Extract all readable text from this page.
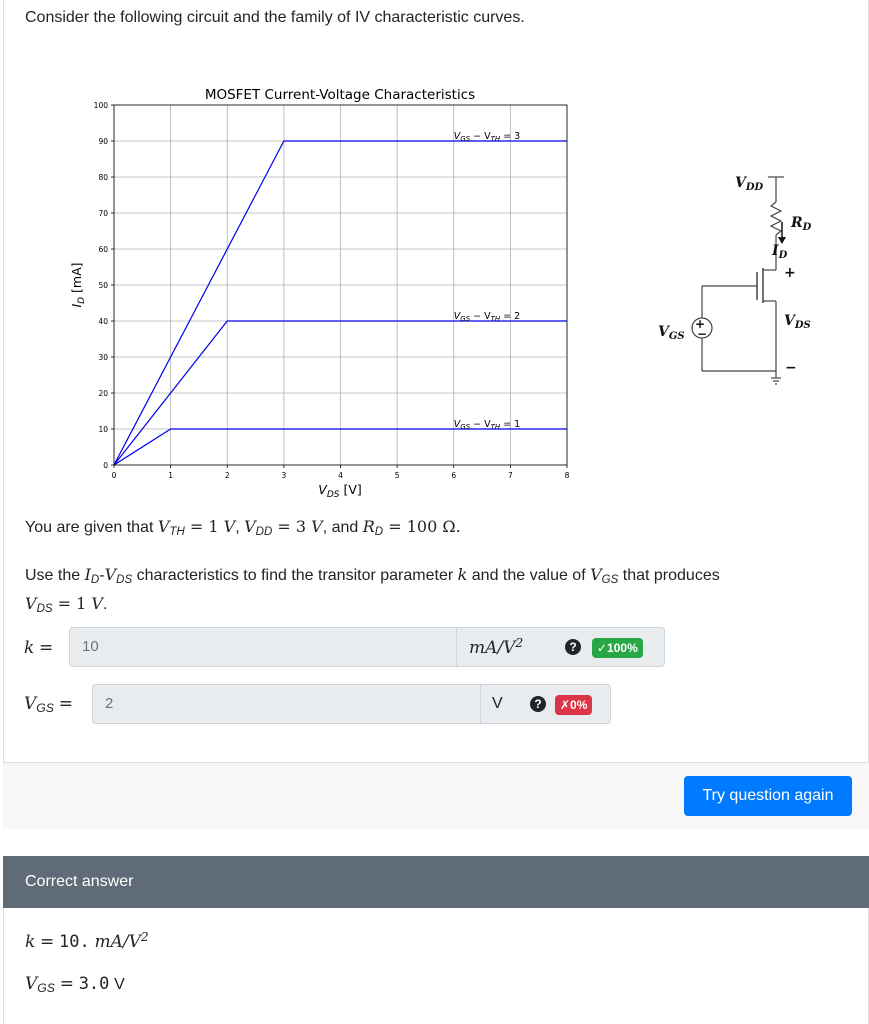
Consider the following circuit and the family of IV characteristic curves.
MOSFET Current-Voltage Characteristics
0	1	2	3	4	5	6	7	8
0
10
20
30
40
50
60
70
80
90
100
$V_{GS} - V_{TH} = 1$
$V_{GS} - V_{TH} = 2$
$V_{GS} - V_{TH} = 3$
$V_{DS}$ [V]
$I_D$ [mA]
+
−
$V_{DD}$
$R_D$
$I_D$
+
$V_{DS}$
−
$V_{GS}$
You are given that $V_{TH} = 1$ V, $V_{DD} = 3$ V, and $R_D = 100$ Ω.
Use the $I_D-V_{DS}$ characteristics to find the transitor parameter k and the value of $V_{GS}$ that produces
$V_{DS} = 1$ V.
k =	10	$mA/V^2$	?	✓100%
$V_{GS}$ =	2	V	?	✗0%
Try question again
Correct answer
k = 10. $mA/V^2$
$V_{GS} = 3.0$ V
